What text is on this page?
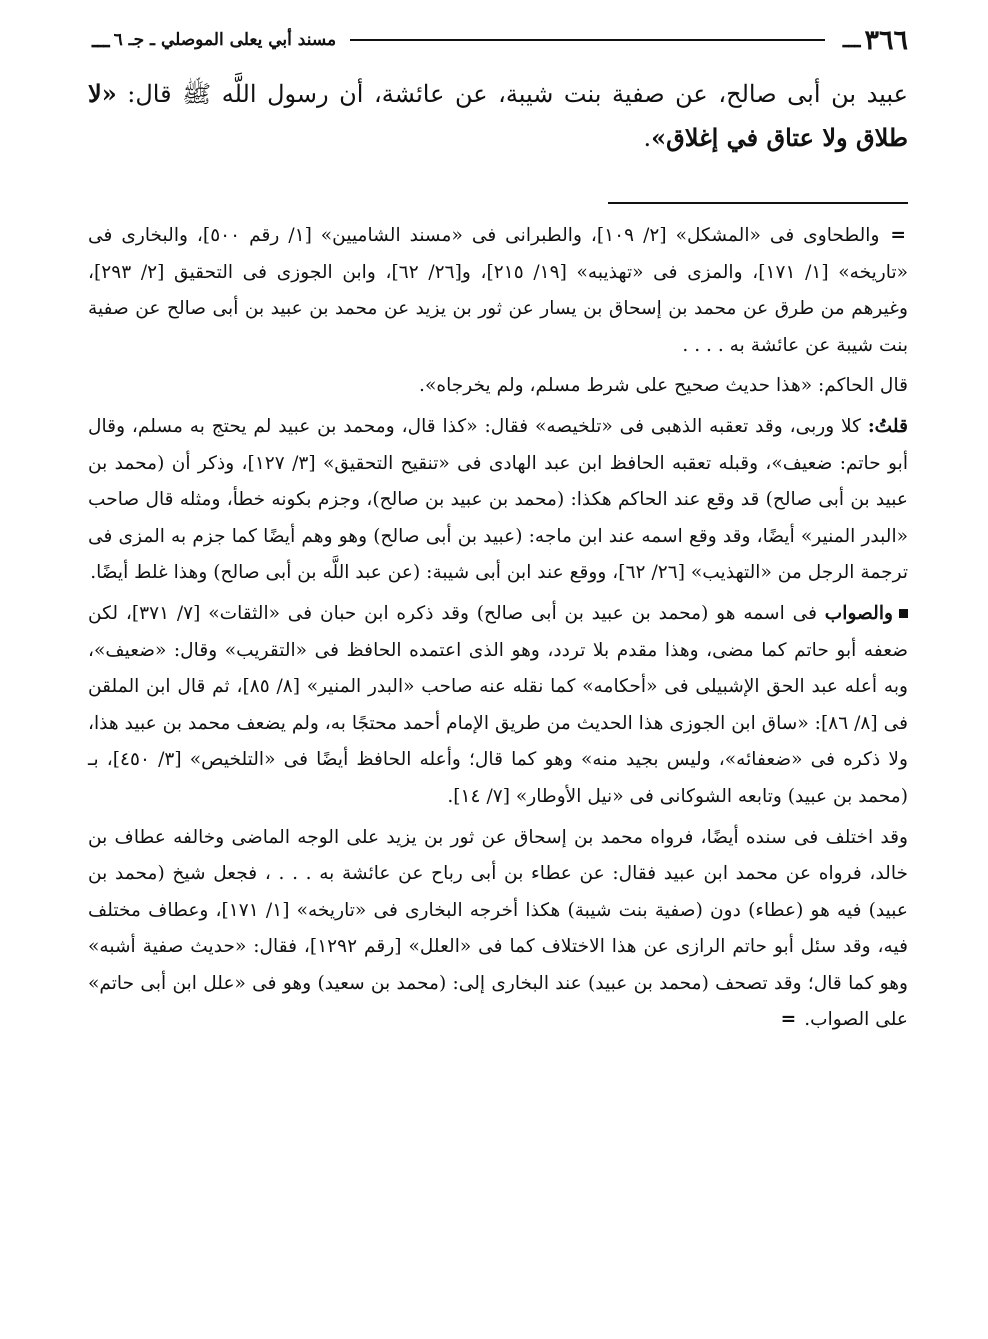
٣٦٦
ـــ
مسند أبي يعلى الموصلي ـ جـ ٦
ـــ
عبيد بن أبى صالح، عن صفية بنت شيبة، عن عائشة، أن رسول اللَّه ﷺ قال: «لا طلاق ولا عتاق في إغلاق».

= والطحاوى فى «المشكل» [٢/ ١٠٩]، والطبرانى فى «مسند الشاميين» [١/ رقم ٥٠٠]، والبخارى فى «تاريخه» [١/ ١٧١]، والمزى فى «تهذيبه» [١٩/ ٢١٥]، و[٢٦/ ٦٢]، وابن الجوزى فى التحقيق [٢/ ٢٩٣]، وغيرهم من طرق عن محمد بن إسحاق بن يسار عن ثور بن يزيد عن محمد بن عبيد بن أبى صالح عن صفية بنت شيبة عن عائشة به . . . .

قال الحاكم: «هذا حديث صحيح على شرط مسلم، ولم يخرجاه».

قلتُ: كلا وربى، وقد تعقبه الذهبى فى «تلخيصه» فقال: «كذا قال، ومحمد بن عبيد لم يحتج به مسلم، وقال أبو حاتم: ضعيف»، وقبله تعقبه الحافظ ابن عبد الهادى فى «تنقيح التحقيق» [٣/ ١٢٧]، وذكر أن (محمد بن عبيد بن أبى صالح) قد وقع عند الحاكم هكذا: (محمد بن عبيد بن صالح)، وجزم بكونه خطأ، ومثله قال صاحب «البدر المنير» أيضًا، وقد وقع اسمه عند ابن ماجه: (عبيد بن أبى صالح) وهو وهم أيضًا كما جزم به المزى فى ترجمة الرجل من «التهذيب» [٢٦/ ٦٢]، ووقع عند ابن أبى شيبة: (عن عبد اللَّه بن أبى صالح) وهذا غلط أيضًا.

والصواب فى اسمه هو (محمد بن عبيد بن أبى صالح) وقد ذكره ابن حبان فى «الثقات» [٧/ ٣٧١]، لكن ضعفه أبو حاتم كما مضى، وهذا مقدم بلا تردد، وهو الذى اعتمده الحافظ فى «التقريب» وقال: «ضعيف»، وبه أعله عبد الحق الإشبيلى فى «أحكامه» كما نقله عنه صاحب «البدر المنير» [٨/ ٨٥]، ثم قال ابن الملقن فى [٨/ ٨٦]: «ساق ابن الجوزى هذا الحديث من طريق الإمام أحمد محتجًا به، ولم يضعف محمد بن عبيد هذا، ولا ذكره فى «ضعفائه»، وليس بجيد منه» وهو كما قال؛ وأعله الحافظ أيضًا فى «التلخيص» [٣/ ٤٥٠]، بـ (محمد بن عبيد) وتابعه الشوكانى فى «نيل الأوطار» [٧/ ١٤].

وقد اختلف فى سنده أيضًا، فرواه محمد بن إسحاق عن ثور بن يزيد على الوجه الماضى وخالفه عطاف بن خالد، فرواه عن محمد ابن عبيد فقال: عن عطاء بن أبى رباح عن عائشة به . . . ، فجعل شيخ (محمد بن عبيد) فيه هو (عطاء) دون (صفية بنت شيبة) هكذا أخرجه البخارى فى «تاريخه» [١/ ١٧١]، وعطاف مختلف فيه، وقد سئل أبو حاتم الرازى عن هذا الاختلاف كما فى «العلل» [رقم ١٢٩٢]، فقال: «حديث صفية أشبه» وهو كما قال؛ وقد تصحف (محمد بن عبيد) عند البخارى إلى: (محمد بن سعيد) وهو فى «علل ابن أبى حاتم» على الصواب. =
